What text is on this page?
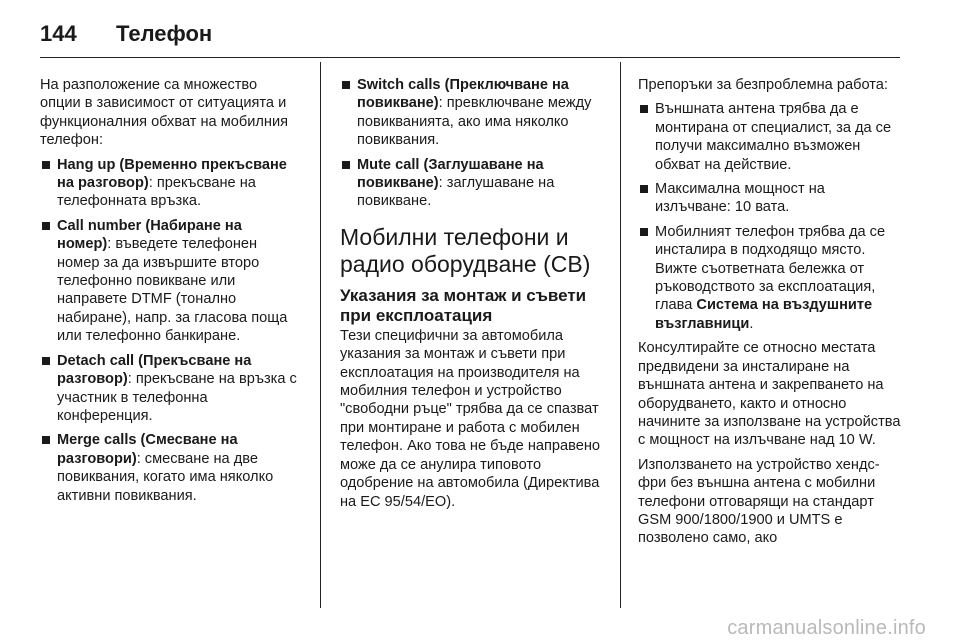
144	Телефон

На разположение са множество опции в зависимост от ситуацията и функционалния обхват на мобилния телефон:

Hang up (Временно прекъсване на разговор): прекъсване на телефонната връзка.
Call number (Набиране на номер): въведете телефонен номер за да извършите второ телефонно повикване или направете DTMF (тонално набиране), напр. за гласова поща или телефонно банкиране.
Detach call (Прекъсване на разговор): прекъсване на връзка с участник в телефонна конференция.
Merge calls (Смесване на разговори): смесване на две повиквания, когато има няколко активни повиквания.
Switch calls (Преключване на повикване): превключване между повикванията, ако има няколко повиквания.
Mute call (Заглушаване на повикване): заглушаване на повикване.
Мобилни телефони и радио оборудване (CB)
Указания за монтаж и съвети при експлоатация

Тези специфични за автомобила указания за монтаж и съвети при експлоатация на производителя на мобилния телефон и устройство "свободни ръце" трябва да се спазват при монтиране и работа с мобилен телефон. Ако това не бъде направено може да се анулира типовото одобрение на автомобила (Директива на ЕС 95/54/ЕО).

Препоръки за безпроблемна работа:

Външната антена трябва да е монтирана от специалист, за да се получи максимално възможен обхват на действие.
Максимална мощност на излъчване: 10 вата.
Мобилният телефон трябва да се инсталира в подходящо място. Вижте съответната бележка от ръководството за експлоатация, глава Система на въздушните възглавници.

Консултирайте се относно местата предвидени за инсталиране на външната антена и закрепването на оборудването, както и относно начините за използване на устройства с мощност на излъчване над 10 W.

Използването на устройство хендс-фри без външна антена с мобилни телефони отговарящи на стандарт GSM 900/1800/1900 и UMTS е позволено само, ако

carmanualsonline.info
